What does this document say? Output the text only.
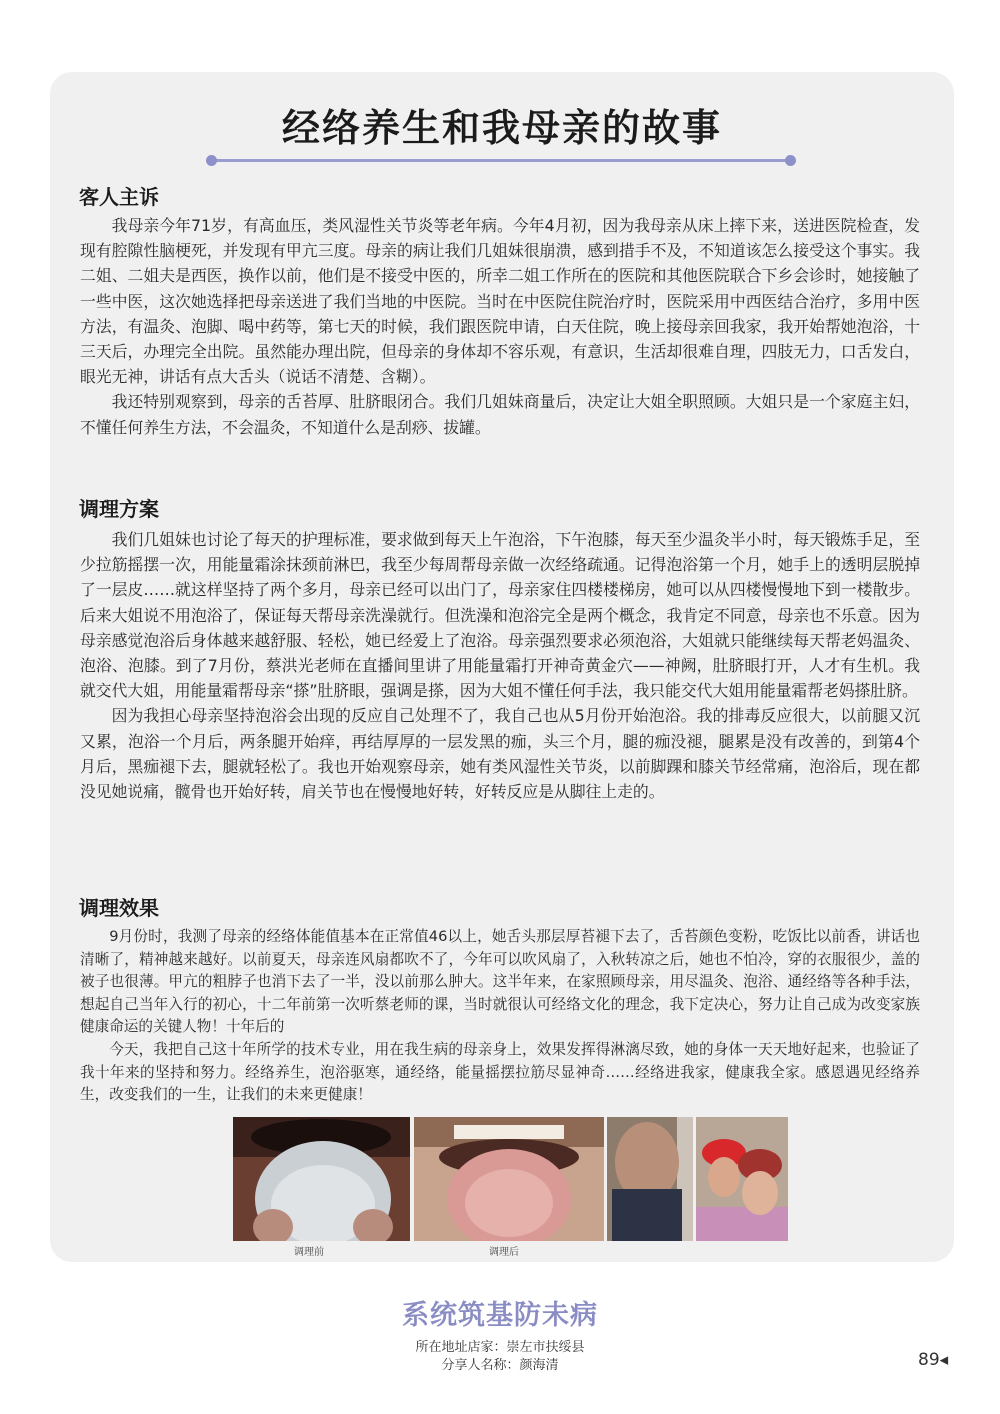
经络养生和我母亲的故事
客人主诉

我母亲今年71岁，有高血压，类风湿性关节炎等老年病。今年4月初，因为我母亲从床上摔下来，送进医院检查，发现有腔隙性脑梗死，并发现有甲亢三度。母亲的病让我们几姐妹很崩溃，感到措手不及，不知道该怎么接受这个事实。我二姐、二姐夫是西医，换作以前，他们是不接受中医的，所幸二姐工作所在的医院和其他医院联合下乡会诊时，她接触了一些中医，这次她选择把母亲送进了我们当地的中医院。当时在中医院住院治疗时，医院采用中西医结合治疗，多用中医方法，有温灸、泡脚、喝中药等，第七天的时候，我们跟医院申请，白天住院，晚上接母亲回我家，我开始帮她泡浴，十三天后，办理完全出院。虽然能办理出院，但母亲的身体却不容乐观，有意识，生活却很难自理，四肢无力，口舌发白，眼光无神，讲话有点大舌头（说话不清楚、含糊）。

我还特别观察到，母亲的舌苔厚、肚脐眼闭合。我们几姐妹商量后，决定让大姐全职照顾。大姐只是一个家庭主妇，不懂任何养生方法，不会温灸，不知道什么是刮痧、拔罐。

调理方案

我们几姐妹也讨论了每天的护理标准，要求做到每天上午泡浴，下午泡膝，每天至少温灸半小时，每天锻炼手足，至少拉筋摇摆一次，用能量霜涂抹颈前淋巴，我至少每周帮母亲做一次经络疏通。记得泡浴第一个月，她手上的透明层脱掉了一层皮……就这样坚持了两个多月，母亲已经可以出门了，母亲家住四楼楼梯房，她可以从四楼慢慢地下到一楼散步。后来大姐说不用泡浴了，保证每天帮母亲洗澡就行。但洗澡和泡浴完全是两个概念，我肯定不同意，母亲也不乐意。因为母亲感觉泡浴后身体越来越舒服、轻松，她已经爱上了泡浴。母亲强烈要求必须泡浴，大姐就只能继续每天帮老妈温灸、泡浴、泡膝。到了7月份，蔡洪光老师在直播间里讲了用能量霜打开神奇黄金穴——神阙，肚脐眼打开，人才有生机。我就交代大姐，用能量霜帮母亲“搽”肚脐眼，强调是搽，因为大姐不懂任何手法，我只能交代大姐用能量霜帮老妈搽肚脐。

因为我担心母亲坚持泡浴会出现的反应自己处理不了，我自己也从5月份开始泡浴。我的排毒反应很大，以前腿又沉又累，泡浴一个月后，两条腿开始痒，再结厚厚的一层发黑的痂，头三个月，腿的痂没褪，腿累是没有改善的，到第4个月后，黑痂褪下去，腿就轻松了。我也开始观察母亲，她有类风湿性关节炎，以前脚踝和膝关节经常痛，泡浴后，现在都没见她说痛，髋骨也开始好转，肩关节也在慢慢地好转，好转反应是从脚往上走的。

调理效果

9月份时，我测了母亲的经络体能值基本在正常值46以上，她舌头那层厚苔褪下去了，舌苔颜色变粉，吃饭比以前香，讲话也清晰了，精神越来越好。以前夏天，母亲连风扇都吹不了，今年可以吹风扇了，入秋转凉之后，她也不怕冷，穿的衣服很少，盖的被子也很薄。甲亢的粗脖子也消下去了一半，没以前那么肿大。这半年来，在家照顾母亲，用尽温灸、泡浴、通经络等各种手法，想起自己当年入行的初心，十二年前第一次听蔡老师的课，当时就很认可经络文化的理念，我下定决心，努力让自己成为改变家族健康命运的关键人物！十年后的

今天，我把自己这十年所学的技术专业，用在我生病的母亲身上，效果发挥得淋漓尽致，她的身体一天天地好起来，也验证了我十年来的坚持和努力。经络养生，泡浴驱寒，通经络，能量摇摆拉筋尽显神奇……经络进我家，健康我全家。感恩遇见经络养生，改变我们的一生，让我们的未来更健康！

调理前	调理后
系统筑基防未病
所在地址店家：崇左市扶绥县
分享人名称：颜海清	89◂
